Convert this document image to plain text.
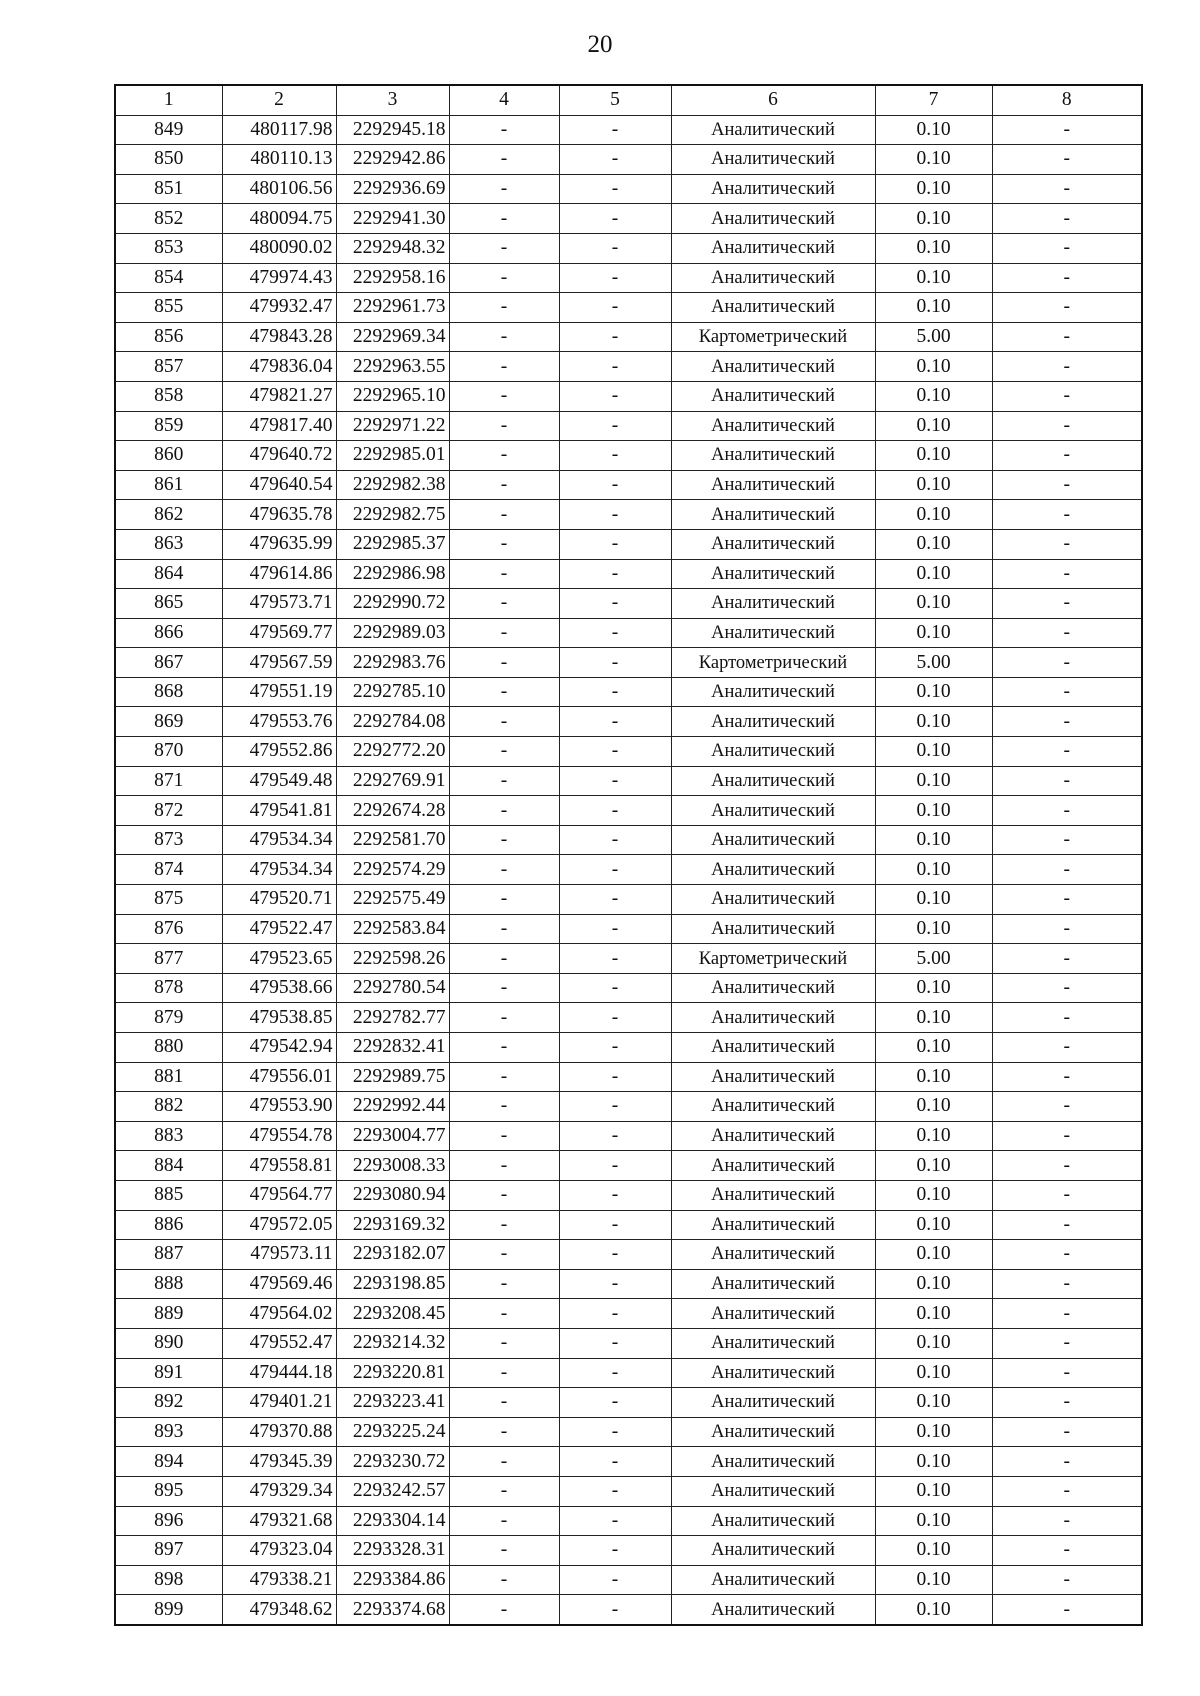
20
1	2	3	4	5	6	7	8
849	480117.98	2292945.18	-	-	Аналитический	0.10	-
850	480110.13	2292942.86	-	-	Аналитический	0.10	-
851	480106.56	2292936.69	-	-	Аналитический	0.10	-
852	480094.75	2292941.30	-	-	Аналитический	0.10	-
853	480090.02	2292948.32	-	-	Аналитический	0.10	-
854	479974.43	2292958.16	-	-	Аналитический	0.10	-
855	479932.47	2292961.73	-	-	Аналитический	0.10	-
856	479843.28	2292969.34	-	-	Картометрический	5.00	-
857	479836.04	2292963.55	-	-	Аналитический	0.10	-
858	479821.27	2292965.10	-	-	Аналитический	0.10	-
859	479817.40	2292971.22	-	-	Аналитический	0.10	-
860	479640.72	2292985.01	-	-	Аналитический	0.10	-
861	479640.54	2292982.38	-	-	Аналитический	0.10	-
862	479635.78	2292982.75	-	-	Аналитический	0.10	-
863	479635.99	2292985.37	-	-	Аналитический	0.10	-
864	479614.86	2292986.98	-	-	Аналитический	0.10	-
865	479573.71	2292990.72	-	-	Аналитический	0.10	-
866	479569.77	2292989.03	-	-	Аналитический	0.10	-
867	479567.59	2292983.76	-	-	Картометрический	5.00	-
868	479551.19	2292785.10	-	-	Аналитический	0.10	-
869	479553.76	2292784.08	-	-	Аналитический	0.10	-
870	479552.86	2292772.20	-	-	Аналитический	0.10	-
871	479549.48	2292769.91	-	-	Аналитический	0.10	-
872	479541.81	2292674.28	-	-	Аналитический	0.10	-
873	479534.34	2292581.70	-	-	Аналитический	0.10	-
874	479534.34	2292574.29	-	-	Аналитический	0.10	-
875	479520.71	2292575.49	-	-	Аналитический	0.10	-
876	479522.47	2292583.84	-	-	Аналитический	0.10	-
877	479523.65	2292598.26	-	-	Картометрический	5.00	-
878	479538.66	2292780.54	-	-	Аналитический	0.10	-
879	479538.85	2292782.77	-	-	Аналитический	0.10	-
880	479542.94	2292832.41	-	-	Аналитический	0.10	-
881	479556.01	2292989.75	-	-	Аналитический	0.10	-
882	479553.90	2292992.44	-	-	Аналитический	0.10	-
883	479554.78	2293004.77	-	-	Аналитический	0.10	-
884	479558.81	2293008.33	-	-	Аналитический	0.10	-
885	479564.77	2293080.94	-	-	Аналитический	0.10	-
886	479572.05	2293169.32	-	-	Аналитический	0.10	-
887	479573.11	2293182.07	-	-	Аналитический	0.10	-
888	479569.46	2293198.85	-	-	Аналитический	0.10	-
889	479564.02	2293208.45	-	-	Аналитический	0.10	-
890	479552.47	2293214.32	-	-	Аналитический	0.10	-
891	479444.18	2293220.81	-	-	Аналитический	0.10	-
892	479401.21	2293223.41	-	-	Аналитический	0.10	-
893	479370.88	2293225.24	-	-	Аналитический	0.10	-
894	479345.39	2293230.72	-	-	Аналитический	0.10	-
895	479329.34	2293242.57	-	-	Аналитический	0.10	-
896	479321.68	2293304.14	-	-	Аналитический	0.10	-
897	479323.04	2293328.31	-	-	Аналитический	0.10	-
898	479338.21	2293384.86	-	-	Аналитический	0.10	-
899	479348.62	2293374.68	-	-	Аналитический	0.10	-
